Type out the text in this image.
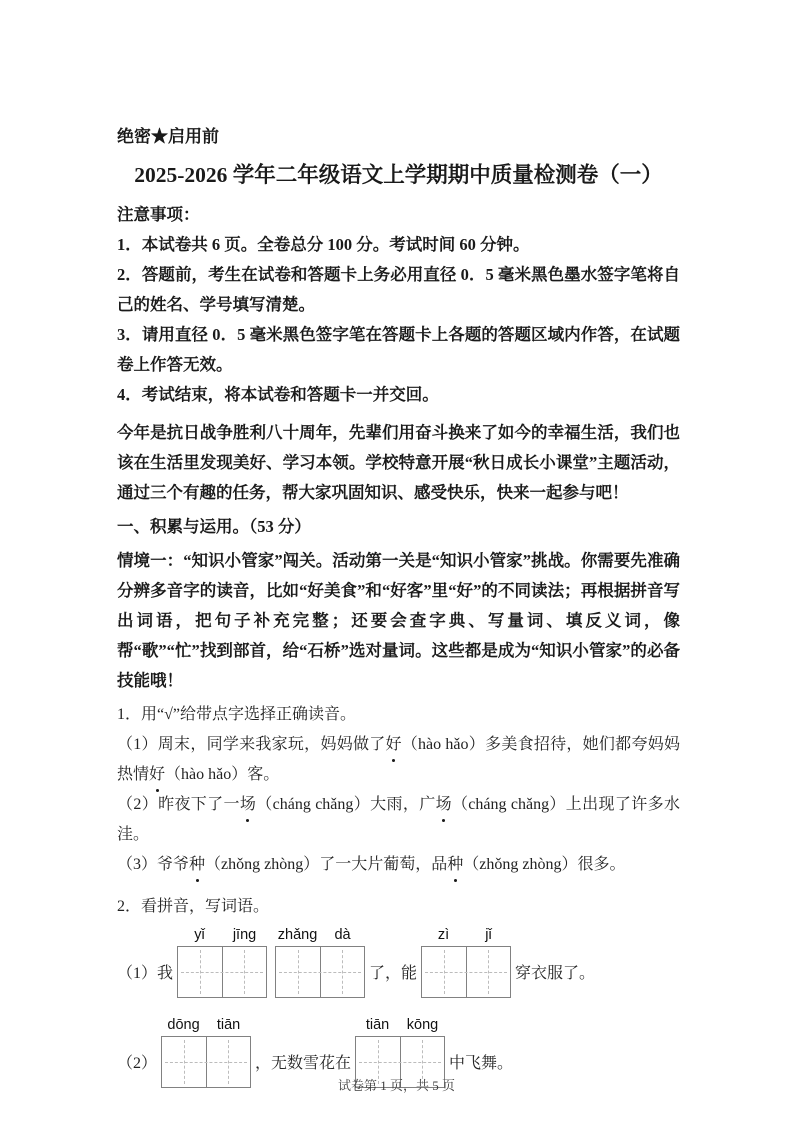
绝密★启用前
2025-2026 学年二年级语文上学期期中质量检测卷（一）

注意事项：

1．本试卷共 6 页。全卷总分 100 分。考试时间 60 分钟。

2．答题前，考生在试卷和答题卡上务必用直径 0．5 毫米黑色墨水签字笔将自己的姓名、学号填写清楚。

3．请用直径 0．5 毫米黑色签字笔在答题卡上各题的答题区域内作答，在试题卷上作答无效。

4．考试结束，将本试卷和答题卡一并交回。

今年是抗日战争胜利八十周年，先辈们用奋斗换来了如今的幸福生活，我们也该在生活里发现美好、学习本领。学校特意开展“秋日成长小课堂”主题活动，通过三个有趣的任务，帮大家巩固知识、感受快乐，快来一起参与吧！

一、积累与运用。（53 分）

情境一：“知识小管家”闯关。活动第一关是“知识小管家”挑战。你需要先准确分辨多音字的读音，比如“好美食”和“好客”里“好”的不同读法；再根据拼音写出词语，把句子补充完整；还要会查字典、写量词、填反义词，像帮“歌”“忙”找到部首，给“石桥”选对量词。这些都是成为“知识小管家”的必备技能哦！

1．用“√”给带点字选择正确读音。

（1）周末，同学来我家玩，妈妈做了好（hào hǎo）多美食招待，她们都夸妈妈热情好（hào hǎo）客。

（2）昨夜下了一场（cháng chǎng）大雨，广场（cháng chǎng）上出现了许多水洼。

（3）爷爷种（zhǒng zhòng）了一大片葡萄，品种（zhǒng zhòng）很多。

2．看拼音，写词语。

（1）我
yǐ	jīng	zhǎng	dà
了，能
zì	jǐ
穿衣服了。
（2）
dōng	tiān
，无数雪花在
tiān	kōng
中飞舞。
试卷第 1 页，共 5 页
